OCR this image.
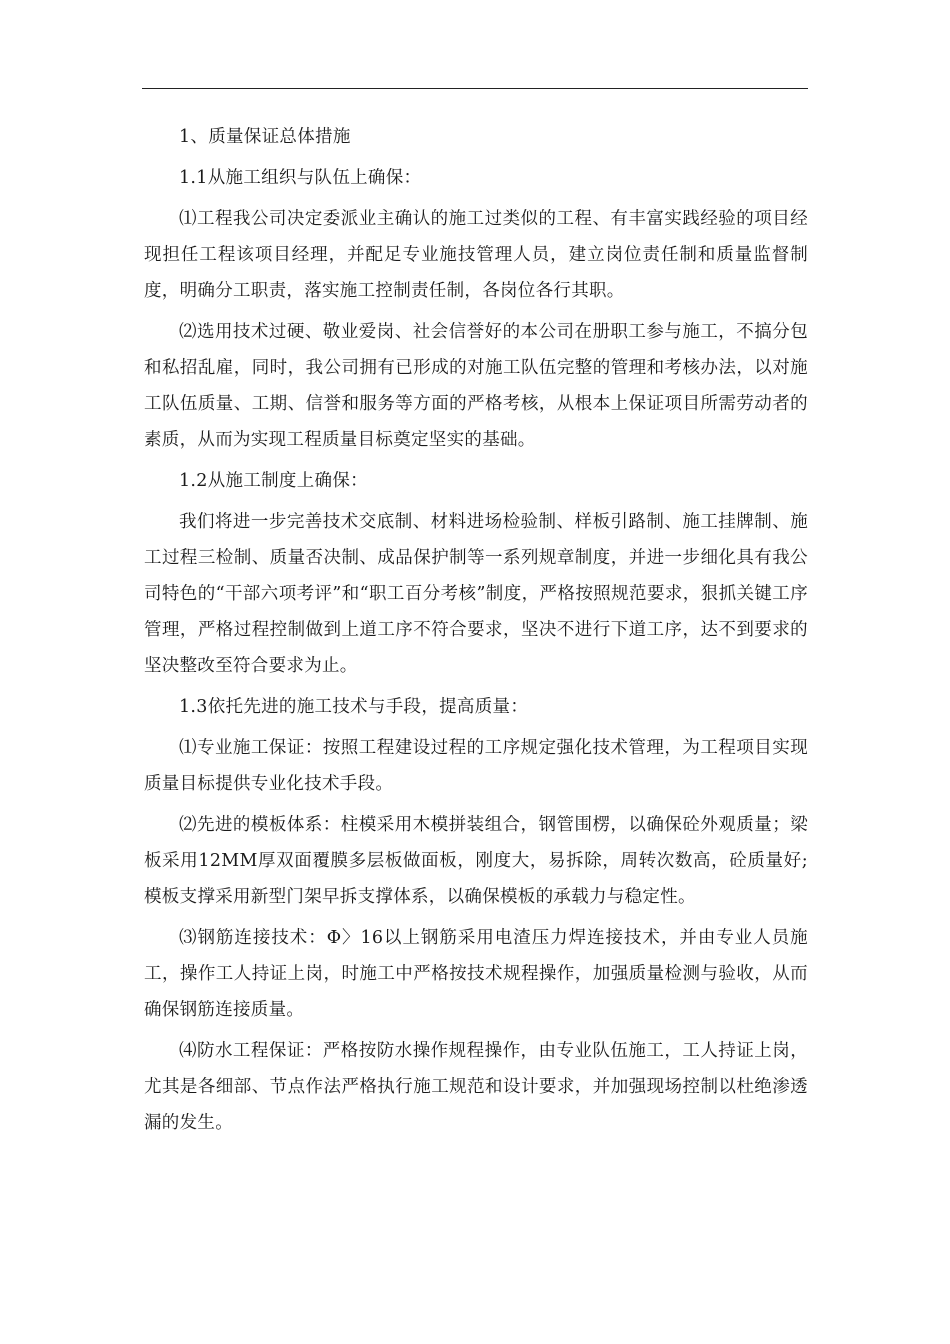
1、质量保证总体措施

1.1从施工组织与队伍上确保：

⑴工程我公司决定委派业主确认的施工过类似的工程、有丰富实践经验的项目经现担任工程该项目经理，并配足专业施技管理人员，建立岗位责任制和质量监督制度，明确分工职责，落实施工控制责任制，各岗位各行其职。

⑵选用技术过硬、敬业爱岗、社会信誉好的本公司在册职工参与施工，不搞分包和私招乱雇，同时，我公司拥有已形成的对施工队伍完整的管理和考核办法，以对施工队伍质量、工期、信誉和服务等方面的严格考核，从根本上保证项目所需劳动者的素质，从而为实现工程质量目标奠定坚实的基础。

1.2从施工制度上确保：

我们将进一步完善技术交底制、材料进场检验制、样板引路制、施工挂牌制、施工过程三检制、质量否决制、成品保护制等一系列规章制度，并进一步细化具有我公司特色的“干部六项考评”和“职工百分考核”制度，严格按照规范要求，狠抓关键工序管理，严格过程控制做到上道工序不符合要求，坚决不进行下道工序，达不到要求的坚决整改至符合要求为止。

1.3依托先进的施工技术与手段，提高质量：

⑴专业施工保证：按照工程建设过程的工序规定强化技术管理，为工程项目实现质量目标提供专业化技术手段。

⑵先进的模板体系：柱模采用木模拼装组合，钢管围楞，以确保砼外观质量；梁板采用12MM厚双面覆膜多层板做面板，刚度大，易拆除，周转次数高，砼质量好;模板支撑采用新型门架早拆支撑体系，以确保模板的承载力与稳定性。

⑶钢筋连接技术：Φ〉16以上钢筋采用电渣压力焊连接技术，并由专业人员施工，操作工人持证上岗，时施工中严格按技术规程操作，加强质量检测与验收，从而确保钢筋连接质量。

⑷防水工程保证：严格按防水操作规程操作，由专业队伍施工，工人持证上岗，尤其是各细部、节点作法严格执行施工规范和设计要求，并加强现场控制以杜绝渗透漏的发生。
